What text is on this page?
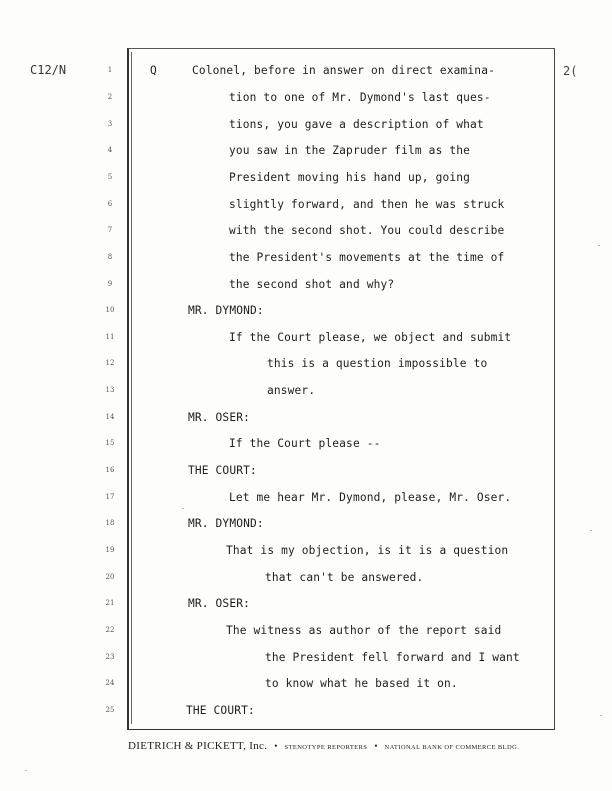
C12/N	2(
1	Q	Colonel, before in answer on direct examina-
2	tion to one of Mr. Dymond's last ques-
3	tions, you gave a description of what
4	you saw in the Zapruder film as the
5	President moving his hand up, going
6	slightly forward, and then he was struck
7	with the second shot. You could describe
8	the President's movements at the time of
9	the second shot and why?
10	MR. DYMOND:
11	If the Court please, we object and submit
12	this is a question impossible to
13	answer.
14	MR. OSER:
15	If the Court please --
16	THE COURT:
17	Let me hear Mr. Dymond, please, Mr. Oser.
18	MR. DYMOND:
19	That is my objection, is it is a question
20	that can't be answered.
21	MR. OSER:
22	The witness as author of the report said
23	the President fell forward and I want
24	to know what he based it on.
25	THE COURT:
DIETRICH & PICKETT, Inc. • STENOTYPE REPORTERS • NATIONAL BANK OF COMMERCE BLDG.
